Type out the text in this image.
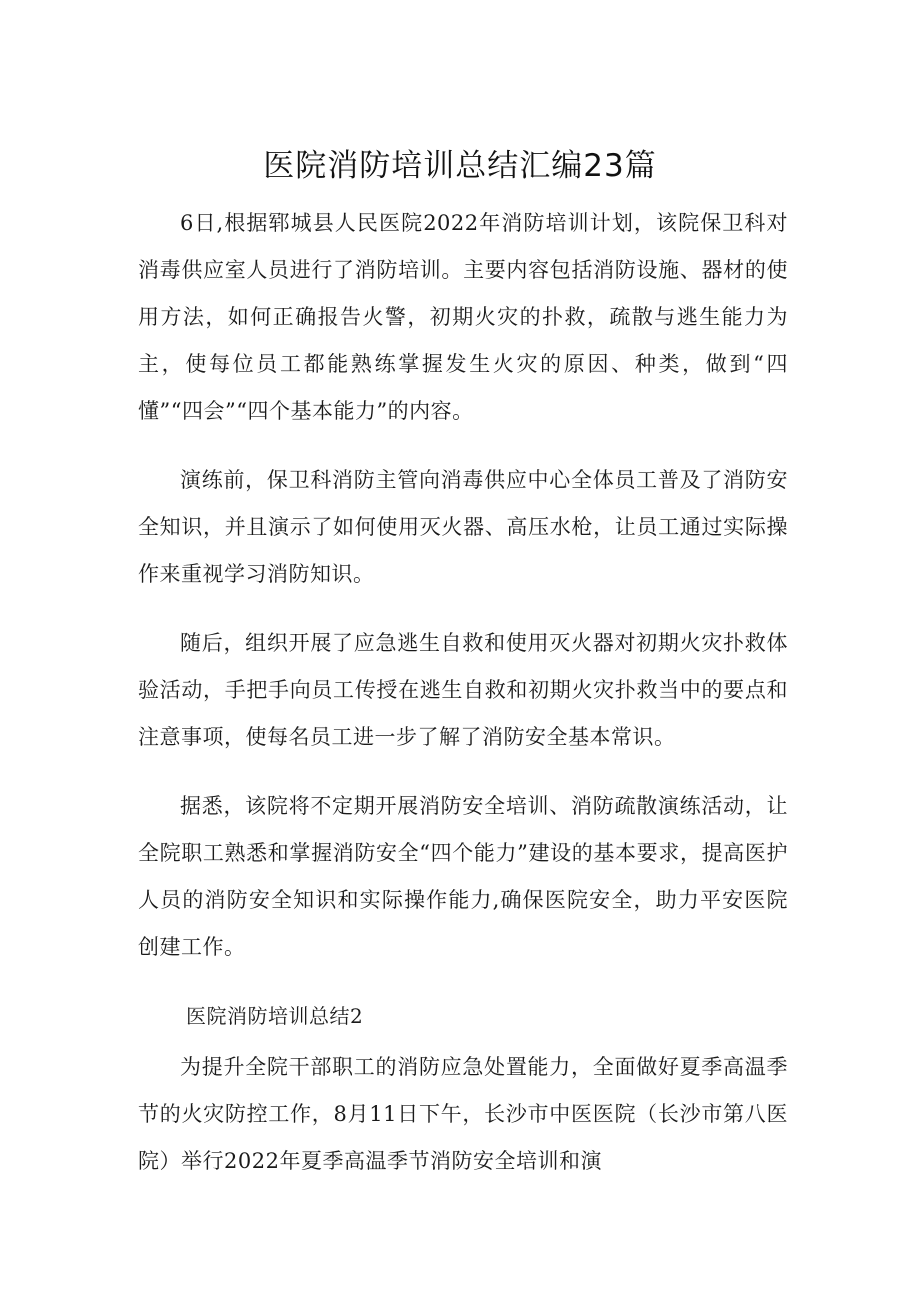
医院消防培训总结汇编23篇

6日,根据郓城县人民医院2022年消防培训计划，该院保卫科对消毒供应室人员进行了消防培训。主要内容包括消防设施、器材的使用方法，如何正确报告火警，初期火灾的扑救，疏散与逃生能力为主，使每位员工都能熟练掌握发生火灾的原因、种类，做到“四懂”“四会”“四个基本能力”的内容。

演练前，保卫科消防主管向消毒供应中心全体员工普及了消防安全知识，并且演示了如何使用灭火器、高压水枪，让员工通过实际操作来重视学习消防知识。

随后，组织开展了应急逃生自救和使用灭火器对初期火灾扑救体验活动，手把手向员工传授在逃生自救和初期火灾扑救当中的要点和注意事项，使每名员工进一步了解了消防安全基本常识。

据悉，该院将不定期开展消防安全培训、消防疏散演练活动，让全院职工熟悉和掌握消防安全“四个能力”建设的基本要求，提高医护人员的消防安全知识和实际操作能力,确保医院安全，助力平安医院创建工作。

医院消防培训总结2

为提升全院干部职工的消防应急处置能力，全面做好夏季高温季节的火灾防控工作，8月11日下午，长沙市中医医院（长沙市第八医院）举行2022年夏季高温季节消防安全培训和演
